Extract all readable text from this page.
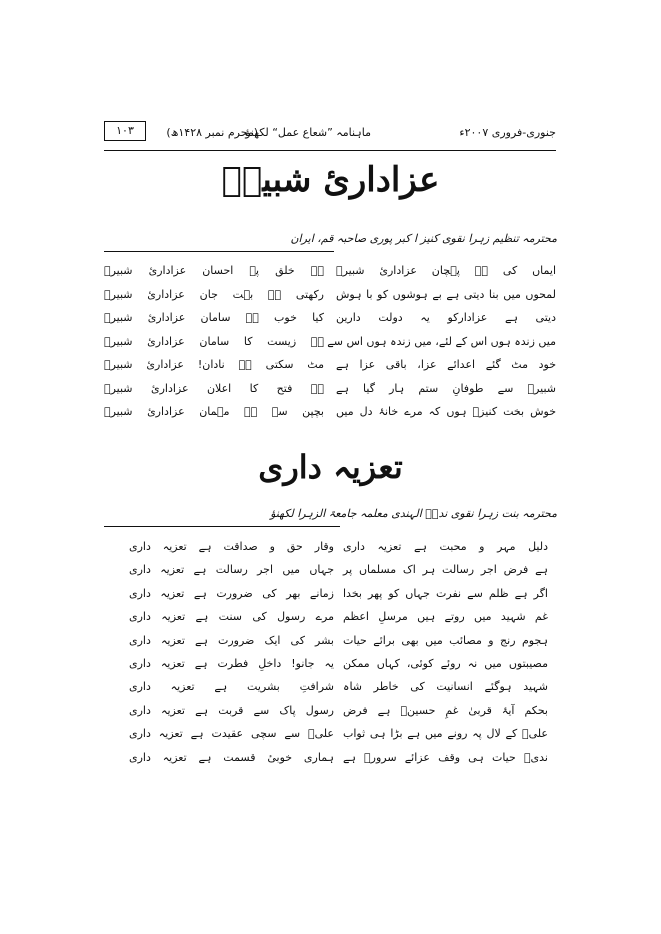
جنوری-فروری ۲۰۰۷ء
ماہنامہ ”شعاع عمل“ لکھنؤ
(محرم نمبر ۱۴۲۸ھ)
۱۰۳
عزاداریٔ شبیرؑ
محترمہ تنظیم زہرا نقوی کنیز ا کبر پوری صاحبہ قم، ایران
ایماں کی ہے پہچان عزاداریٔ شبیرؑ
ہے خلق پہ احسان عزاداریٔ شبیرؑ
لمحوں میں بنا دیتی ہے بے ہوشوں کو با ہوش
رکھتی ہے بہت جان عزاداریٔ شبیرؑ
دیتی ہے عزادارکو یہ دولت دارین
کیا خوب ہے سامان عزاداریٔ شبیرؑ
میں زندہ ہوں اس کے لئے، میں زندہ ہوں اس سے
ہے زیست کا سامان عزاداریٔ شبیرؑ
خود مٹ گئے اعدائے عزا، باقی عزا ہے
مٹ سکتی ہے نادان! عزاداریٔ شبیرؑ
شبیرؑ سے طوفانِ ستم ہار گیا ہے
ہے فتح کا اعلان عزاداریٔ شبیرؑ
خوش بخت کنیزؔ ہوں کہ مرے خانۂ دل میں
بچپن سے ہے مہمان عزاداریٔ شبیرؑ
تعزیہ داری
محترمہ بنت زہرا نقوی ندیؔ الہندی معلمہ جامعۃ الزہرا لکھنؤ
دلیل مہر و محبت ہے تعزیہ داری
ہے فرض اجر رسالت ہر اک مسلماں پر
اگر ہے ظلم سے نفرت جہاں کو پھر بخدا
غم شہید میں روتے ہیں مرسلِ اعظم
ہجوم رنج و مصائب میں بھی برائے حیات
مصیبتوں میں نہ روئے کوئی، کہاں ممکن
شہید ہوگئے انسانیت کی خاطر شاہ
بحکم آیۂ قربیٰ غمِ حسینؑ ہے فرض
علیؑ کے لال پہ رونے میں ہے بڑا ہی ثواب
ندیؔ حیات ہی وقف عزائے سرورؑ ہے
وقار حق و صداقت ہے تعزیہ داری
جہاں میں اجر رسالت ہے تعزیہ داری
زمانے بھر کی ضرورت ہے تعزیہ داری
مرے رسول کی سنت ہے تعزیہ داری
بشر کی ایک ضرورت ہے تعزیہ داری
یہ جانو! داخلِ فطرت ہے تعزیہ داری
شرافتِ بشریت ہے تعزیہ داری
رسول پاک سے قربت ہے تعزیہ داری
علیؑ سے سچی عقیدت ہے تعزیہ داری
ہماری خوبیٔ قسمت ہے تعزیہ داری
